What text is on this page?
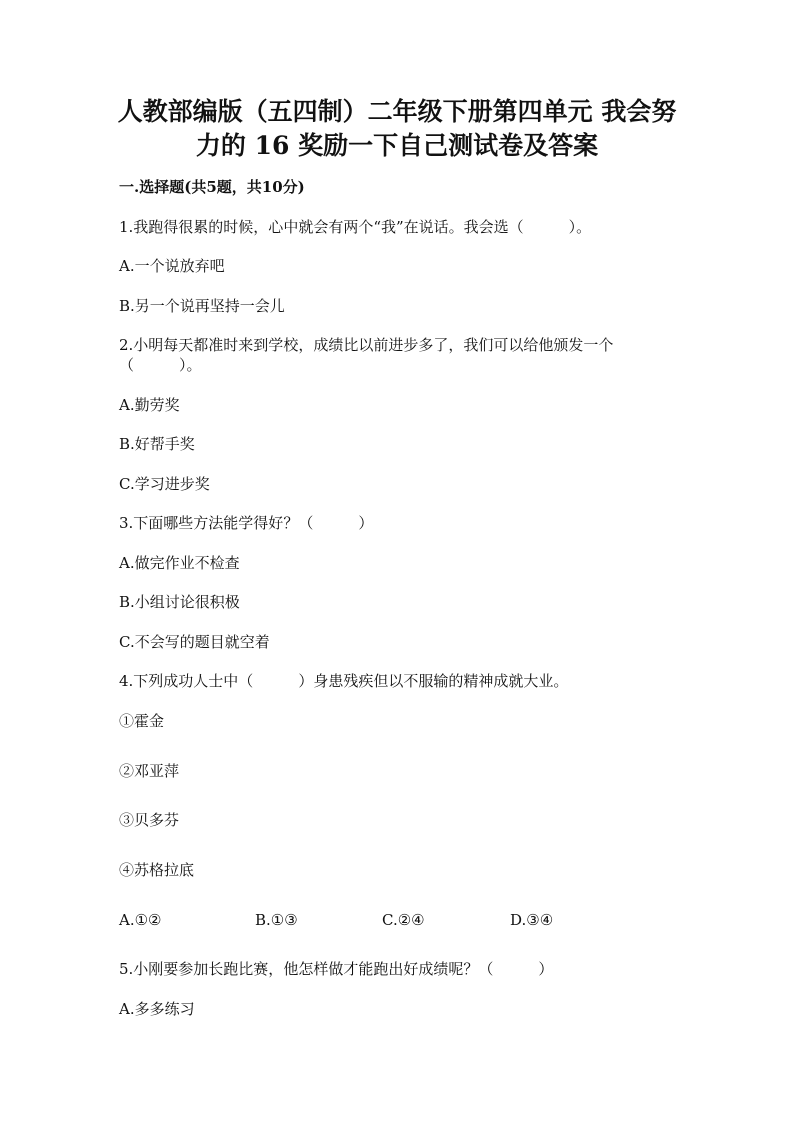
人教部编版（五四制）二年级下册第四单元 我会努
力的 16 奖励一下自己测试卷及答案
一.选择题(共5题，共10分)
1.我跑得很累的时候，心中就会有两个“我”在说话。我会选（　　　）。
A.一个说放弃吧
B.另一个说再坚持一会儿
2.小明每天都准时来到学校，成绩比以前进步多了，我们可以给他颁发一个
（　　　）。
A.勤劳奖
B.好帮手奖
C.学习进步奖
3.下面哪些方法能学得好？（　　　）
A.做完作业不检查
B.小组讨论很积极
C.不会写的题目就空着
4.下列成功人士中（　　　）身患残疾但以不服输的精神成就大业。
①霍金
②邓亚萍
③贝多芬
④苏格拉底
A.①②	B.①③	C.②④	D.③④
5.小刚要参加长跑比赛，他怎样做才能跑出好成绩呢？（　　　）
A.多多练习
